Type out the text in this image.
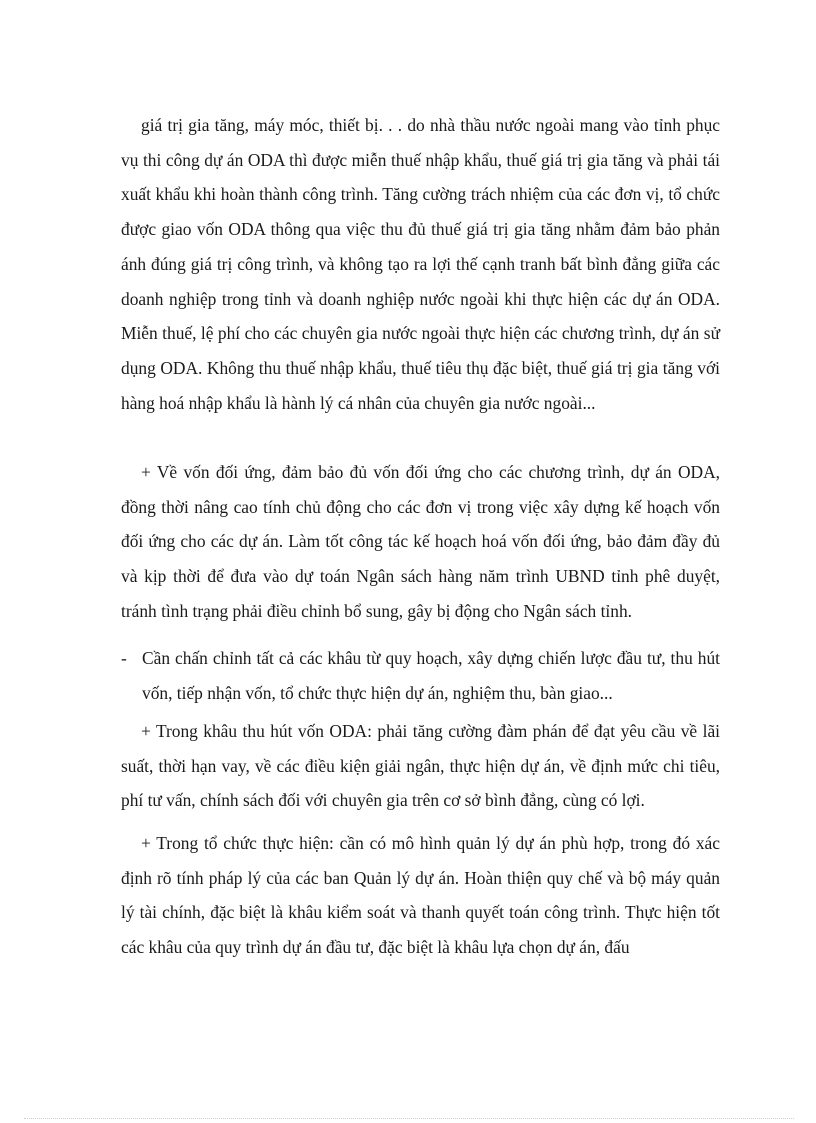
giá trị gia tăng, máy móc, thiết bị. . . do nhà thầu nước ngoài mang vào tỉnh phục vụ thi công dự án ODA thì được miễn thuế nhập khẩu, thuế giá trị gia tăng và phải tái xuất khẩu khi hoàn thành công trình. Tăng cường trách nhiệm của các đơn vị, tổ chức được giao vốn ODA thông qua việc thu đủ thuế giá trị gia tăng nhằm đảm bảo phản ánh đúng giá trị công trình, và không tạo ra lợi thế cạnh tranh bất bình đẳng giữa các doanh nghiệp trong tỉnh và doanh nghiệp nước ngoài khi thực hiện các dự án ODA. Miễn thuế, lệ phí cho các chuyên gia nước ngoài thực hiện các chương trình, dự án sử dụng ODA. Không thu thuế nhập khẩu, thuế tiêu thụ đặc biệt, thuế giá trị gia tăng với hàng hoá nhập khẩu là hành lý cá nhân của chuyên gia nước ngoài...

+ Về vốn đối ứng, đảm bảo đủ vốn đối ứng cho các chương trình, dự án ODA, đồng thời nâng cao tính chủ động cho các đơn vị trong việc xây dựng kế hoạch vốn đối ứng cho các dự án. Làm tốt công tác kế hoạch hoá vốn đối ứng, bảo đảm đầy đủ và kịp thời để đưa vào dự toán Ngân sách hàng năm trình UBND tỉnh phê duyệt, tránh tình trạng phải điều chỉnh bổ sung, gây bị động cho Ngân sách tỉnh.

- Cần chấn chỉnh tất cả các khâu từ quy hoạch, xây dựng chiến lược đầu tư, thu hút vốn, tiếp nhận vốn, tổ chức thực hiện dự án, nghiệm thu, bàn giao...

+ Trong khâu thu hút vốn ODA: phải tăng cường đàm phán để đạt yêu cầu về lãi suất, thời hạn vay, về các điều kiện giải ngân, thực hiện dự án, về định mức chi tiêu, phí tư vấn, chính sách đối với chuyên gia trên cơ sở bình đẳng, cùng có lợi.

+ Trong tổ chức thực hiện: cần có mô hình quản lý dự án phù hợp, trong đó xác định rõ tính pháp lý của các ban Quản lý dự án. Hoàn thiện quy chế và bộ máy quản lý tài chính, đặc biệt là khâu kiểm soát và thanh quyết toán công trình. Thực hiện tốt các khâu của quy trình dự án đầu tư, đặc biệt là khâu lựa chọn dự án, đấu
